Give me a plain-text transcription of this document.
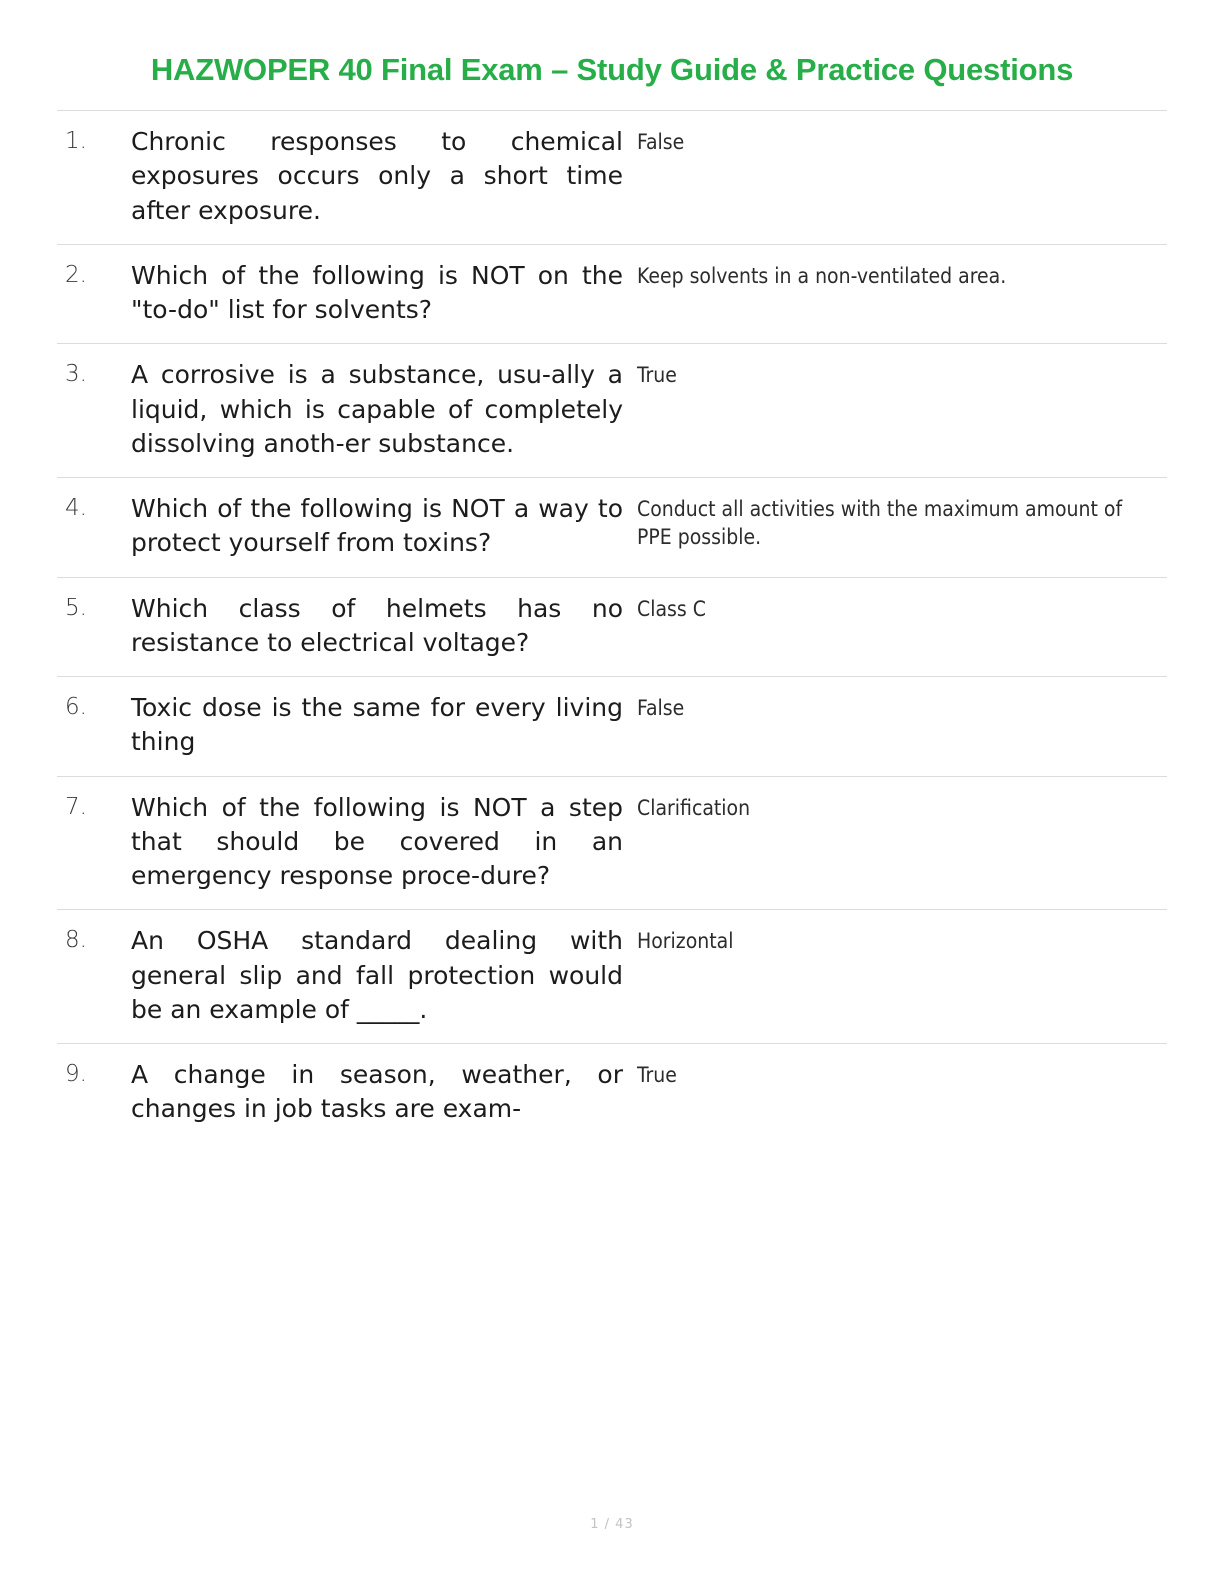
HAZWOPER 40 Final Exam – Study Guide & Practice Questions
1.	Chronic responses to chemical exposures occurs only a short time after exposure.	False
2.	Which of the following is NOT on the "to-do" list for solvents?	Keep solvents in a non-ventilated area.
3.	A corrosive is a substance, usu-ally a liquid, which is capable of completely dissolving anoth-er substance.	True
4.	Which of the following is NOT a way to protect yourself from toxins?	Conduct all activities with the maximum amount of PPE possible.
5.	Which class of helmets has no resistance to electrical voltage?	Class C
6.	Toxic dose is the same for every living thing	False
7.	Which of the following is NOT a step that should be covered in an emergency response proce-dure?	Clarification
8.	An OSHA standard dealing with general slip and fall protection would be an example of _____.	Horizontal
9.	A change in season, weather, or changes in job tasks are exam-	True
1 / 43
